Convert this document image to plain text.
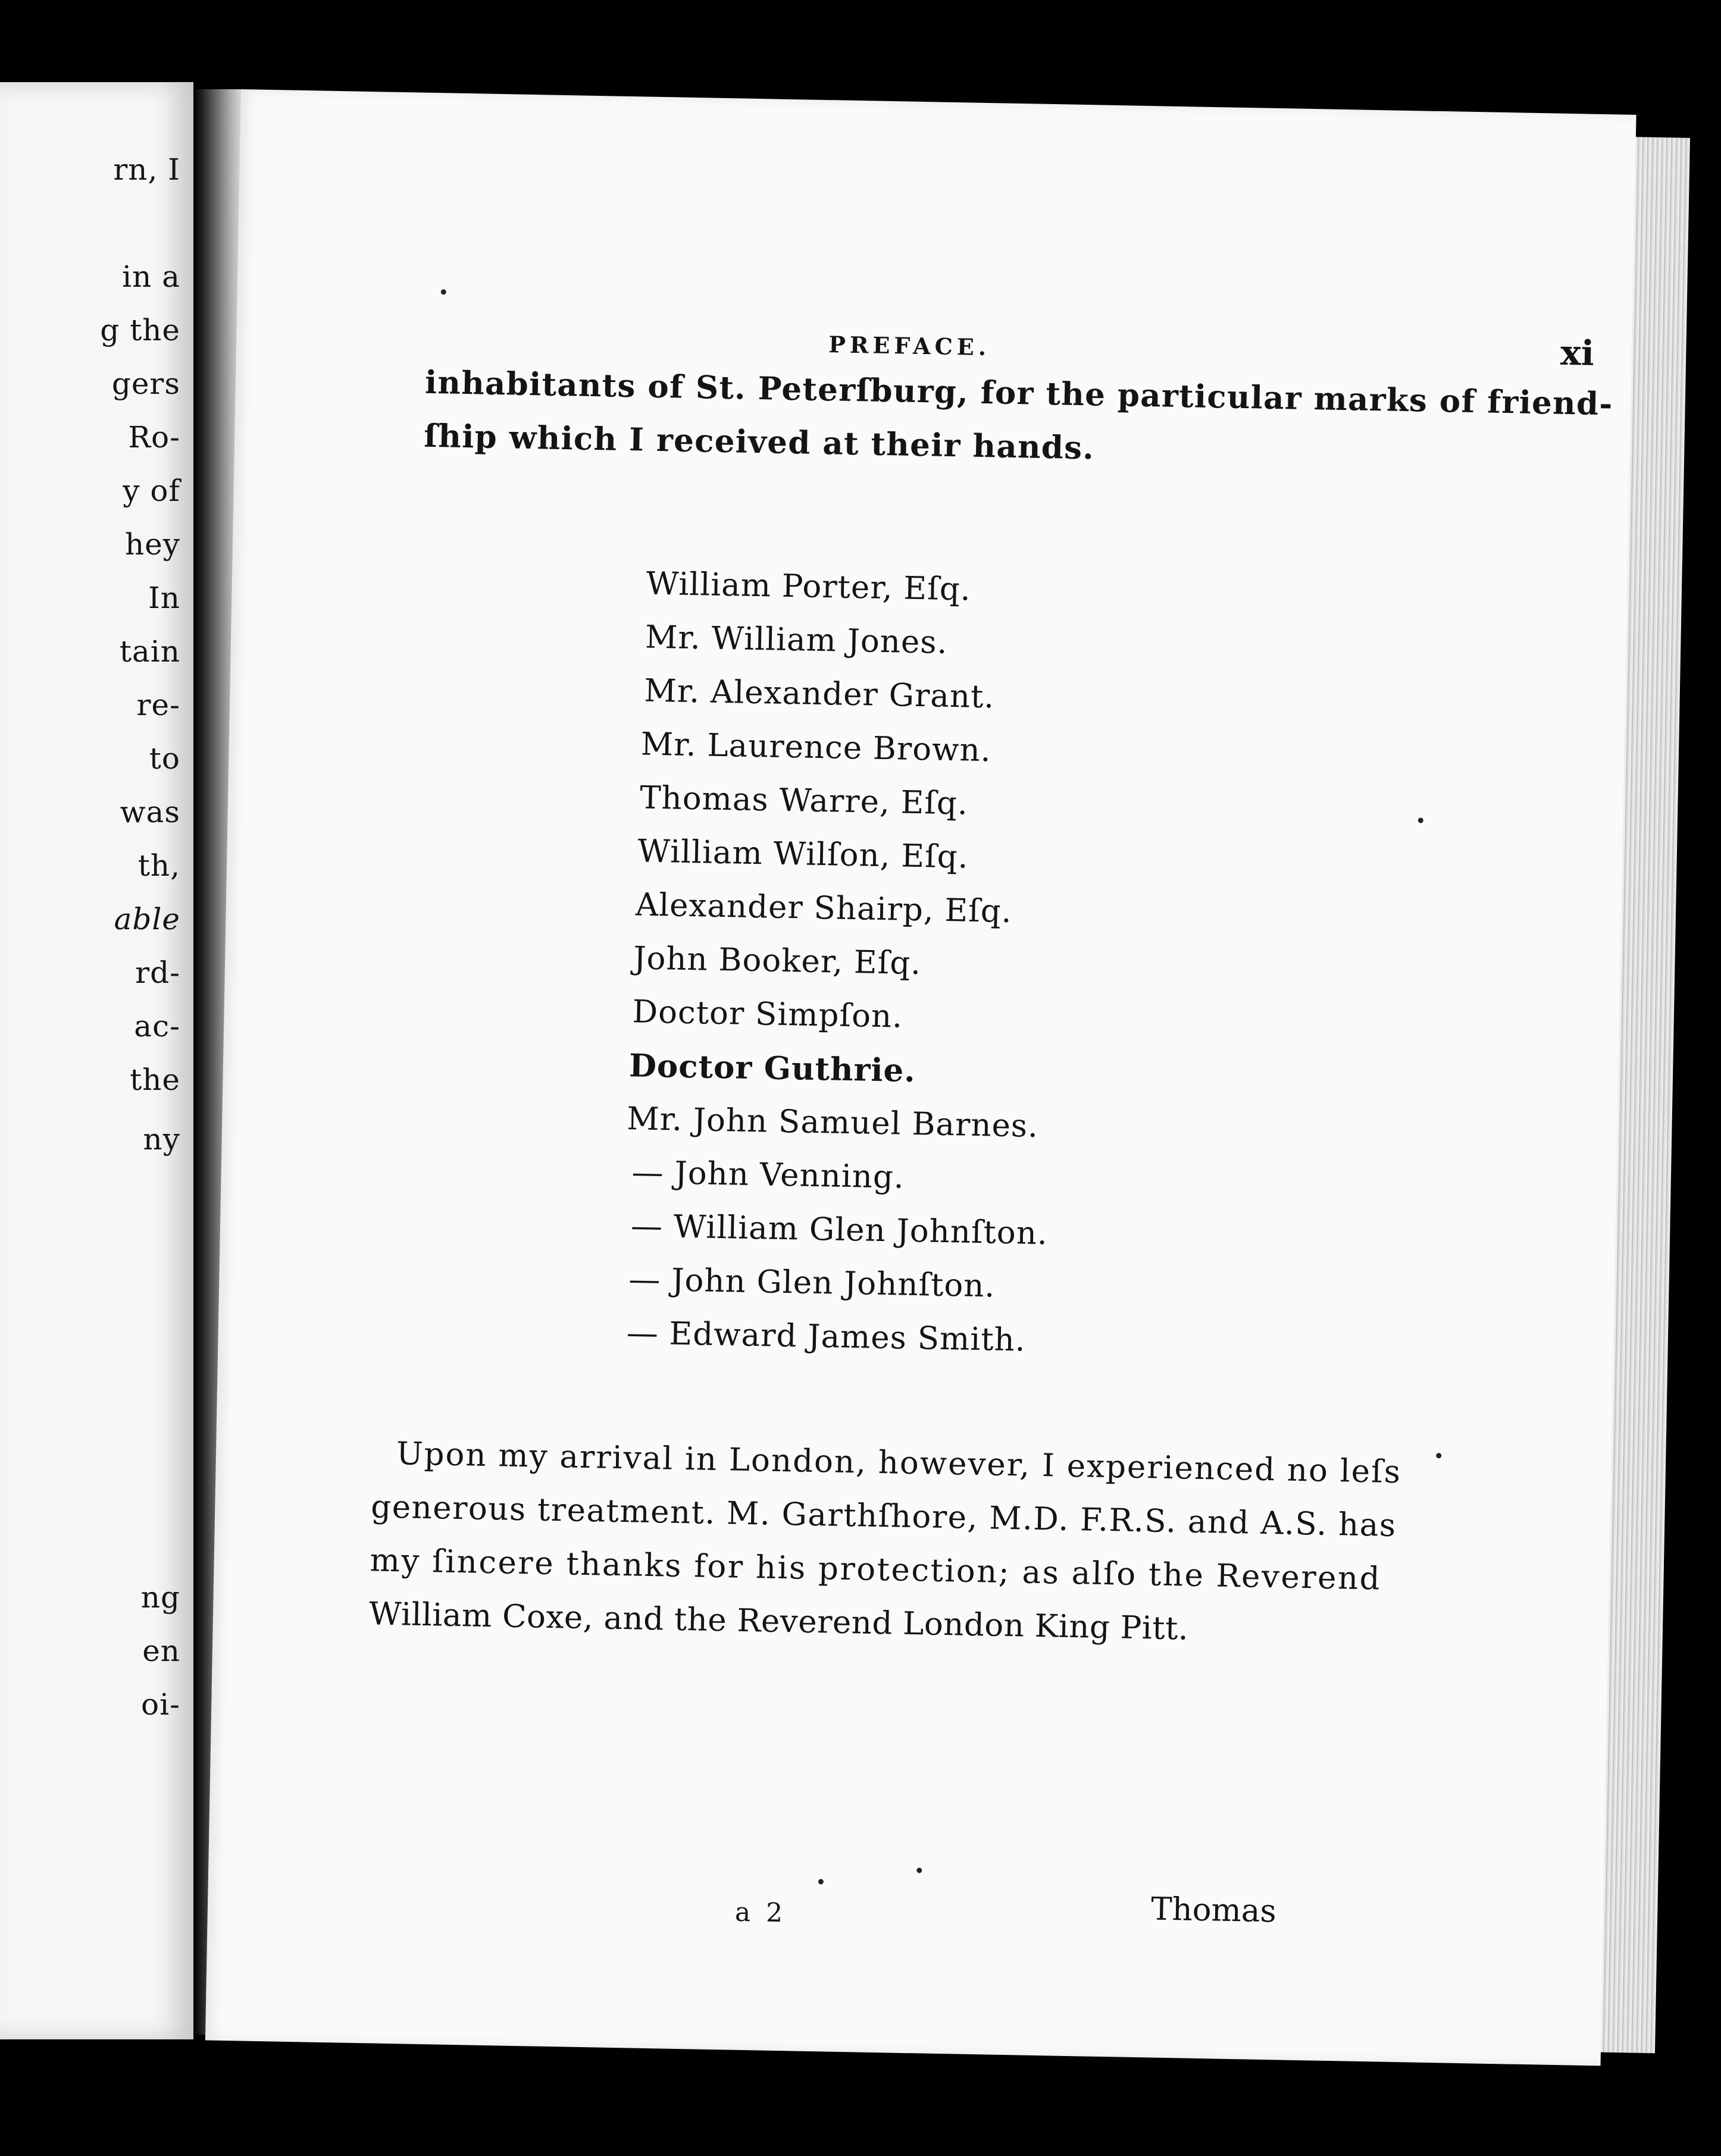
rn, I
in a
g the
gers
Ro-
y of
hey
In
tain
re-
to
was
th,
able
rd-
ac-
the
ny
ng
en
oi-
PREFACE.	xi
inhabitants of St. Peterſburg, for the particular marks of friend-
ſhip which I received at their hands.
William Porter, Eſq.
Mr. William Jones.
Mr. Alexander Grant.
Mr. Laurence Brown.
Thomas Warre, Eſq.
William Wilſon, Eſq.
Alexander Shairp, Eſq.
John Booker, Eſq.
Doctor Simpſon.
Doctor Guthrie.
Mr. John Samuel Barnes.
— John Venning.
— William Glen Johnſton.
— John Glen Johnſton.
— Edward James Smith.
Upon my arrival in London, however, I experienced no leſs
generous treatment. M. Garthſhore, M.D. F.R.S. and A.S. has
my ſincere thanks for his protection; as alſo the Reverend
William Coxe, and the Reverend London King Pitt.
a 2	Thomas
